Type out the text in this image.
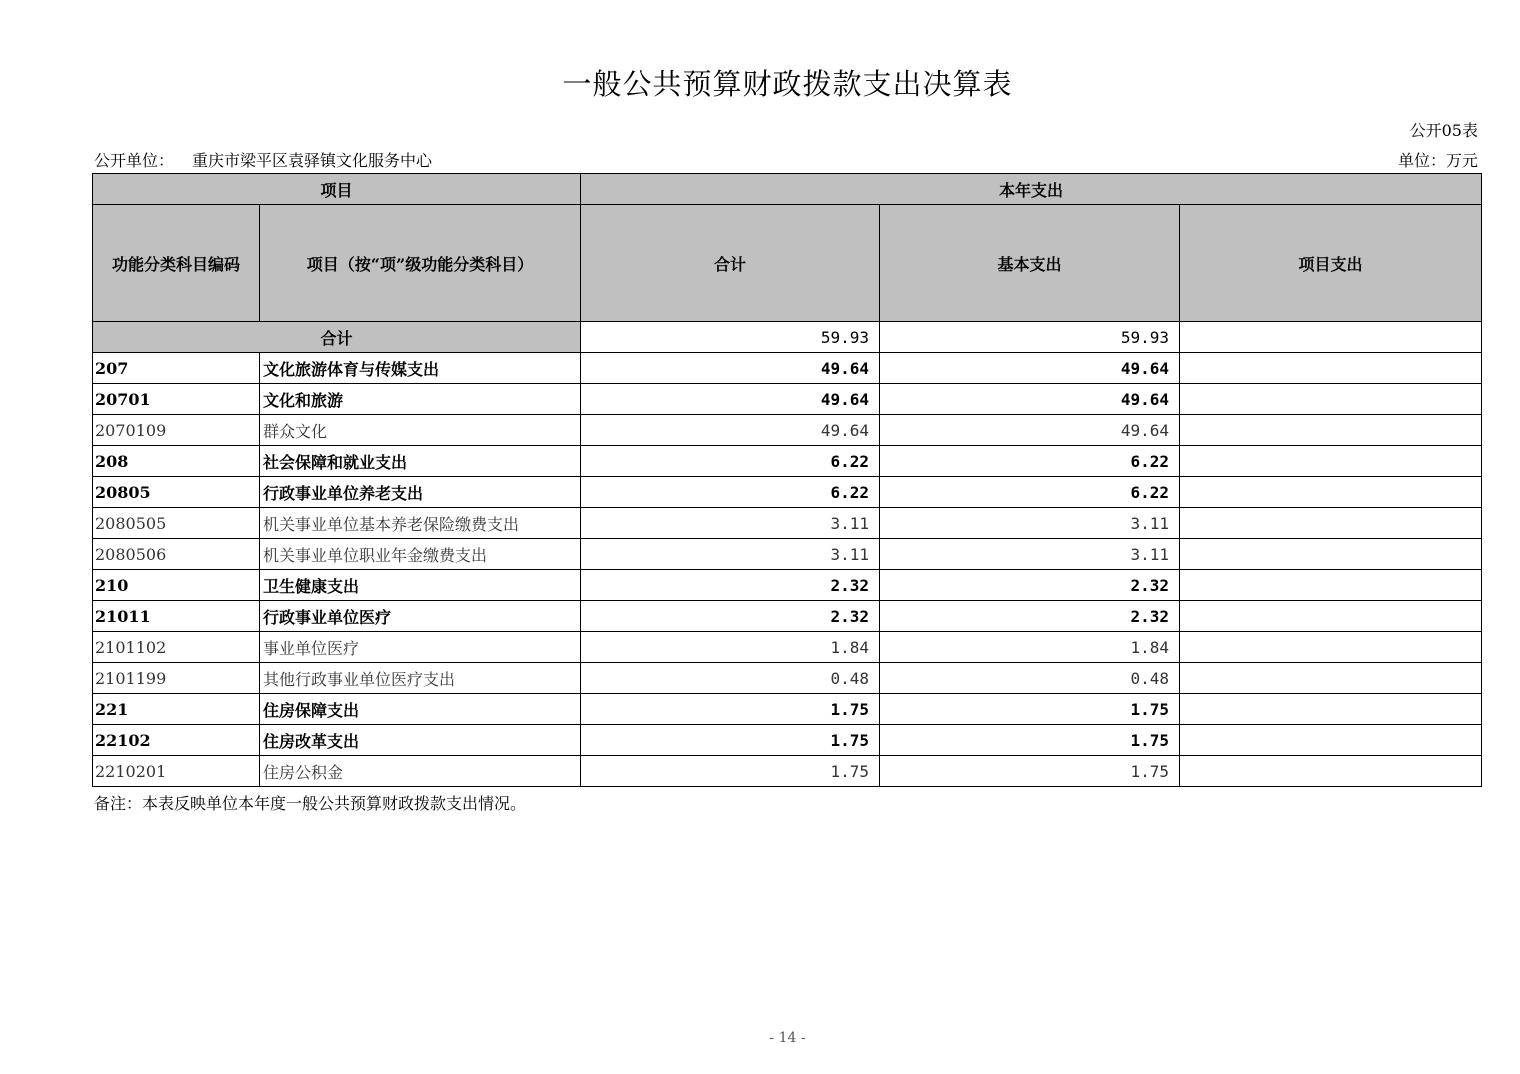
一般公共预算财政拨款支出决算表
公开05表
公开单位： 重庆市梁平区袁驿镇文化服务中心	单位：万元
项目		本年支出		
功能分类科目编码	项目（按“项”级功能分类科目）	合计	基本支出	项目支出
合计		59.93	59.93	
207	文化旅游体育与传媒支出	49.64	49.64	
20701	文化和旅游	49.64	49.64	
2070109	群众文化	49.64	49.64	
208	社会保障和就业支出	6.22	6.22	
20805	行政事业单位养老支出	6.22	6.22	
2080505	机关事业单位基本养老保险缴费支出	3.11	3.11	
2080506	机关事业单位职业年金缴费支出	3.11	3.11	
210	卫生健康支出	2.32	2.32	
21011	行政事业单位医疗	2.32	2.32	
2101102	事业单位医疗	1.84	1.84	
2101199	其他行政事业单位医疗支出	0.48	0.48	
221	住房保障支出	1.75	1.75	
22102	住房改革支出	1.75	1.75	
2210201	住房公积金	1.75	1.75	
备注：本表反映单位本年度一般公共预算财政拨款支出情况。
- 14 -
